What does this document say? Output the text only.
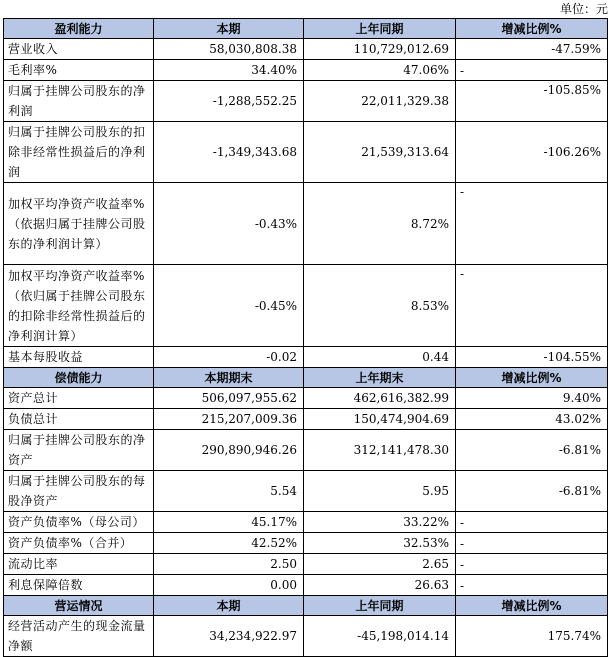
单位：元
盈利能力	本期	上年同期	增减比例%
营业收入	58,030,808.38	110,729,012.69	-47.59%
毛利率%	34.40%	47.06%	-
归属于挂牌公司股东的净利润	-1,288,552.25	22,011,329.38	-105.85%
归属于挂牌公司股东的扣除非经常性损益后的净利润	-1,349,343.68	21,539,313.64	-106.26%
加权平均净资产收益率%（依据归属于挂牌公司股东的净利润计算）	-0.43%	8.72%	-
加权平均净资产收益率%（依归属于挂牌公司股东的扣除非经常性损益后的净利润计算）	-0.45%	8.53%	-
基本每股收益	-0.02	0.44	-104.55%
偿债能力	本期期末	上年期末	增减比例%
资产总计	506,097,955.62	462,616,382.99	9.40%
负债总计	215,207,009.36	150,474,904.69	43.02%
归属于挂牌公司股东的净资产	290,890,946.26	312,141,478.30	-6.81%
归属于挂牌公司股东的每股净资产	5.54	5.95	-6.81%
资产负债率%（母公司）	45.17%	33.22%	-
资产负债率%（合并）	42.52%	32.53%	-
流动比率	2.50	2.65	-
利息保障倍数	0.00	26.63	-
营运情况	本期	上年同期	增减比例%
经营活动产生的现金流量净额	34,234,922.97	-45,198,014.14	175.74%
